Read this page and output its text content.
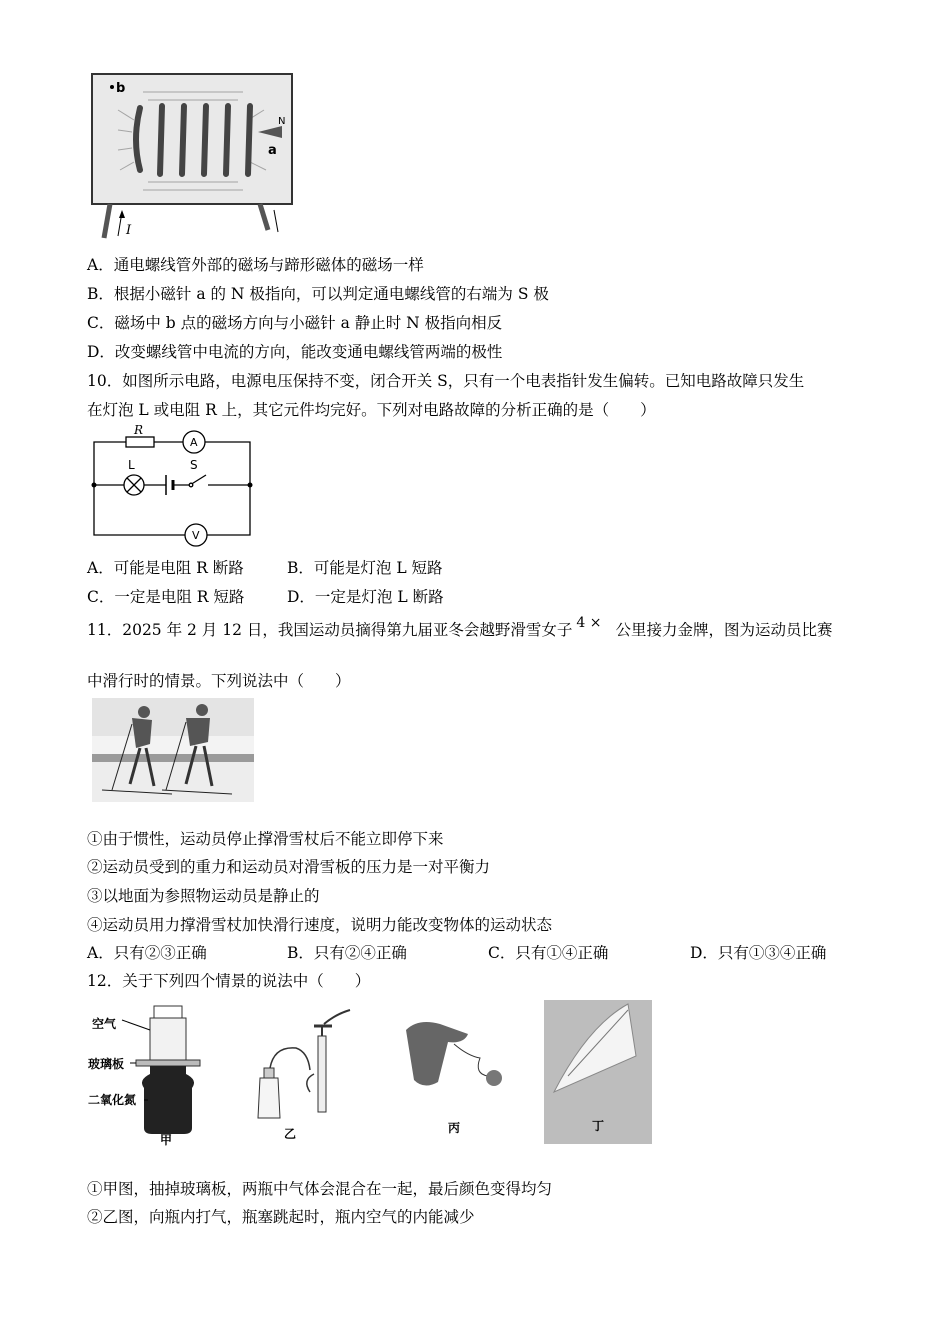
b
N
a
I
A．通电螺线管外部的磁场与蹄形磁体的磁场一样
B．根据小磁针 a 的 N 极指向，可以判定通电螺线管的右端为 S 极
C．磁场中 b 点的磁场方向与小磁针 a 静止时 N 极指向相反
D．改变螺线管中电流的方向，能改变通电螺线管两端的极性
10．如图所示电路，电源电压保持不变，闭合开关 S，只有一个电表指针发生偏转。已知电路故障只发生
在灯泡 L 或电阻 R 上，其它元件均完好。下列对电路故障的分析正确的是（　　）
R
A
L	S
V
A．可能是电阻 R 断路	B．可能是灯泡 L 短路
C．一定是电阻 R 短路	D．一定是灯泡 L 断路
11．2025 年 2 月 12 日，我国运动员摘得第九届亚冬会越野滑雪女子 4 × 公里接力金牌，图为运动员比赛
中滑行时的情景。下列说法中（　　）
①由于惯性，运动员停止撑滑雪杖后不能立即停下来
②运动员受到的重力和运动员对滑雪板的压力是一对平衡力
③以地面为参照物运动员是静止的
④运动员用力撑滑雪杖加快滑行速度，说明力能改变物体的运动状态
A．只有②③正确	B．只有②④正确	C．只有①④正确	D．只有①③④正确
12．关于下列四个情景的说法中（　　）
空气
玻璃板
二氧化氮
甲	乙	丙	丁
①甲图，抽掉玻璃板，两瓶中气体会混合在一起，最后颜色变得均匀
②乙图，向瓶内打气，瓶塞跳起时，瓶内空气的内能减少
